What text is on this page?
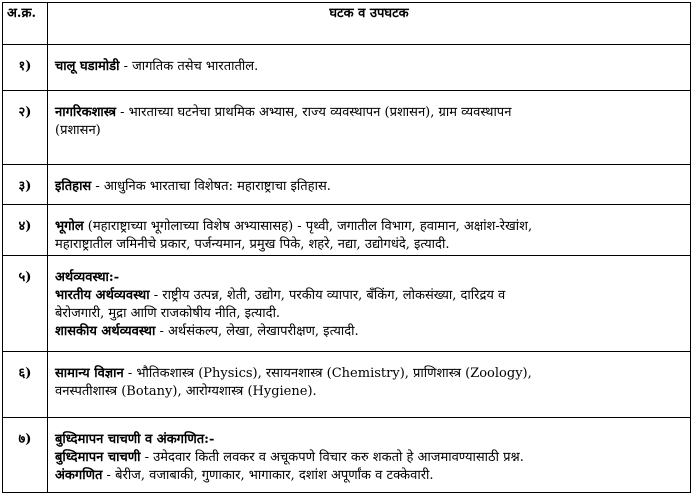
अ.क्र.	घटक व उपघटक
१)	चालू घडामोडी - जागतिक तसेच भारतातील.
२)	नागरिकशास्त्र - भारताच्या घटनेचा प्राथमिक अभ्यास, राज्य व्यवस्थापन (प्रशासन), ग्राम व्यवस्थापन
(प्रशासन)

३)	इतिहास - आधुनिक भारताचा विशेषत: महाराष्ट्राचा इतिहास.
४)	भूगोल (महाराष्ट्राच्या भूगोलाच्या विशेष अभ्यासासह) - पृथ्वी, जगातील विभाग, हवामान, अक्षांश-रेखांश,
महाराष्ट्रातील जमिनीचे प्रकार, पर्जन्यमान, प्रमुख पिके, शहरे, नद्या, उद्योगधंदे, इत्यादी.

५)	अर्थव्यवस्था:-
भारतीय अर्थव्यवस्था - राष्ट्रीय उत्पन्न, शेती, उद्योग, परकीय व्यापार, बँकिंग, लोकसंख्या, दारिद्रय व
बेरोजगारी, मुद्रा आणि राजकोषीय नीति, इत्यादी.
शासकीय अर्थव्यवस्था - अर्थसंकल्प, लेखा, लेखापरीक्षण, इत्यादी.

६)	सामान्य विज्ञान - भौतिकशास्त्र (Physics), रसायनशास्त्र (Chemistry), प्राणिशास्त्र (Zoology),
वनस्पतीशास्त्र (Botany), आरोग्यशास्त्र (Hygiene).

७)	बुध्दिमापन चाचणी व अंकगणित:-
बुध्दिमापन चाचणी - उमेदवार किती लवकर व अचूकपणे विचार करु शकतो हे आजमावण्यासाठी प्रश्न.
अंकगणित - बेरीज, वजाबाकी, गुणाकार, भागाकार, दशांश अपूर्णांक व टक्केवारी.
